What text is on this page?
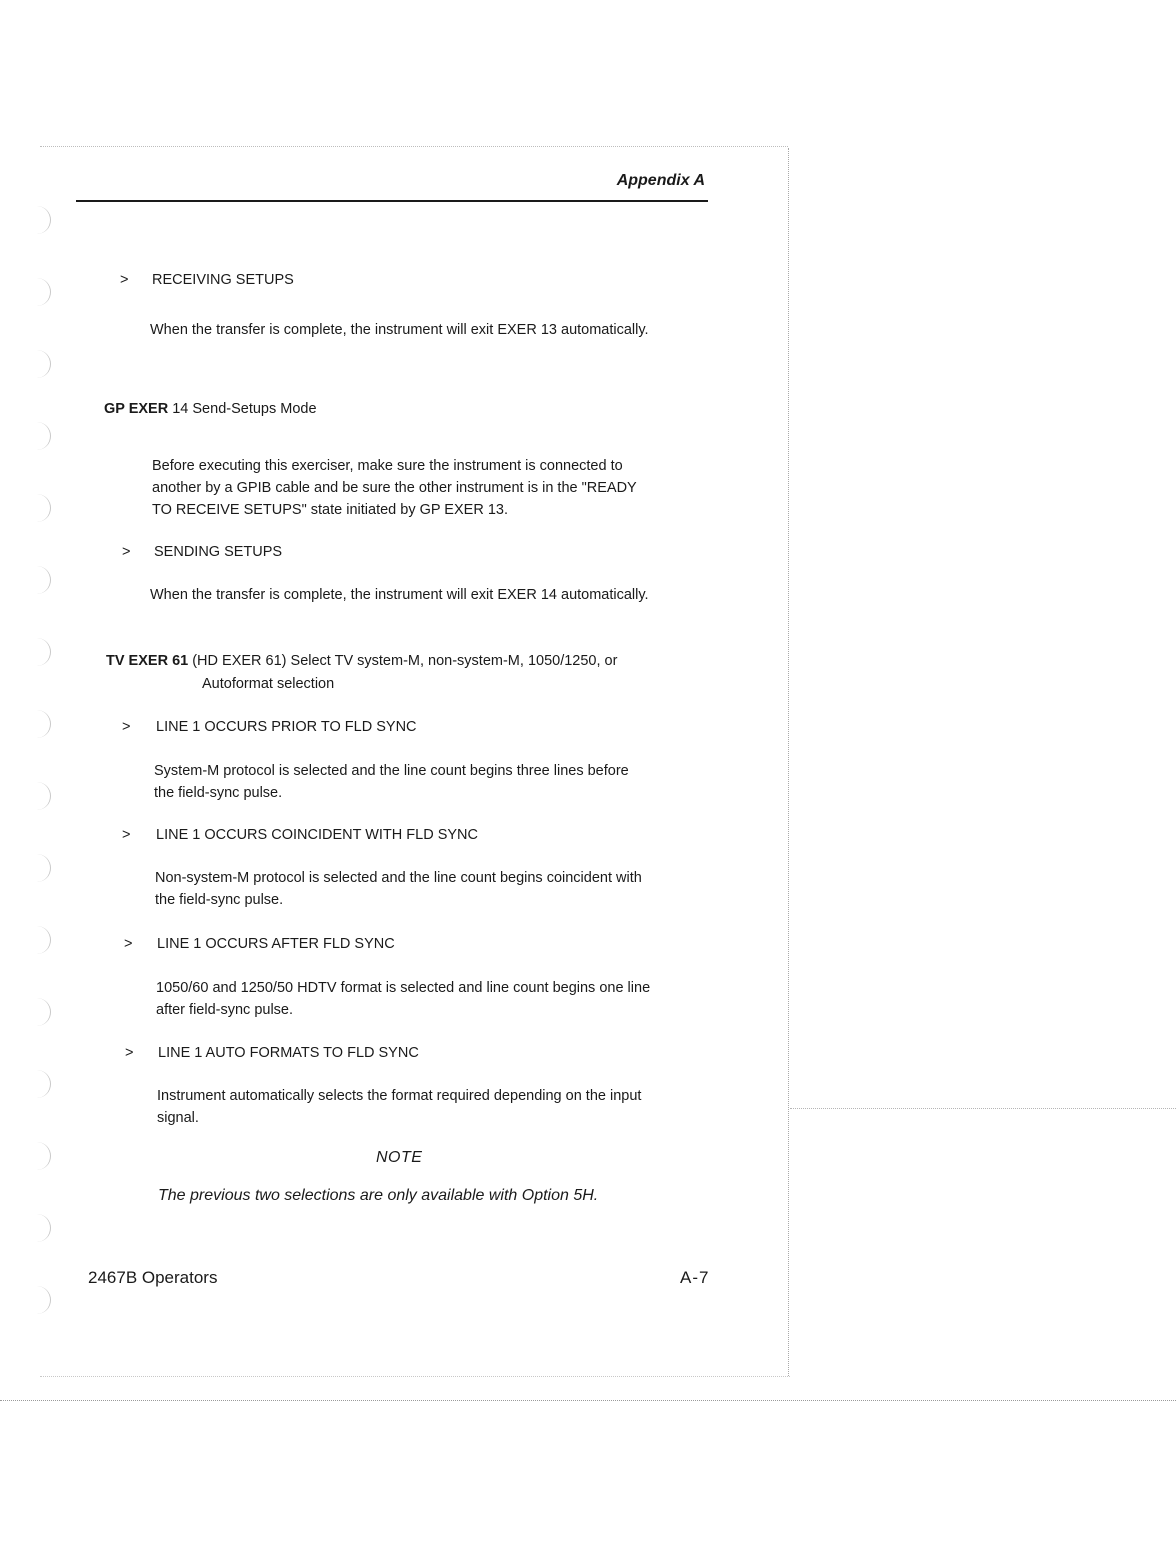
Appendix A
> RECEIVING SETUPS
When the transfer is complete, the instrument will exit EXER 13 automatically.
GP EXER 14 Send-Setups Mode
Before executing this exerciser, make sure the instrument is connected to
another by a GPIB cable and be sure the other instrument is in the "READY
TO RECEIVE SETUPS" state initiated by GP EXER 13.
> SENDING SETUPS
When the transfer is complete, the instrument will exit EXER 14 automatically.
TV EXER 61 (HD EXER 61) Select TV system-M, non-system-M, 1050/1250, or
Autoformat selection
> LINE 1 OCCURS PRIOR TO FLD SYNC
System-M protocol is selected and the line count begins three lines before
the field-sync pulse.
> LINE 1 OCCURS COINCIDENT WITH FLD SYNC
Non-system-M protocol is selected and the line count begins coincident with
the field-sync pulse.
> LINE 1 OCCURS AFTER FLD SYNC
1050/60 and 1250/50 HDTV format is selected and line count begins one line
after field-sync pulse.
> LINE 1 AUTO FORMATS TO FLD SYNC
Instrument automatically selects the format required depending on the input
signal.
NOTE
The previous two selections are only available with Option 5H.
2467B Operators	A-7
